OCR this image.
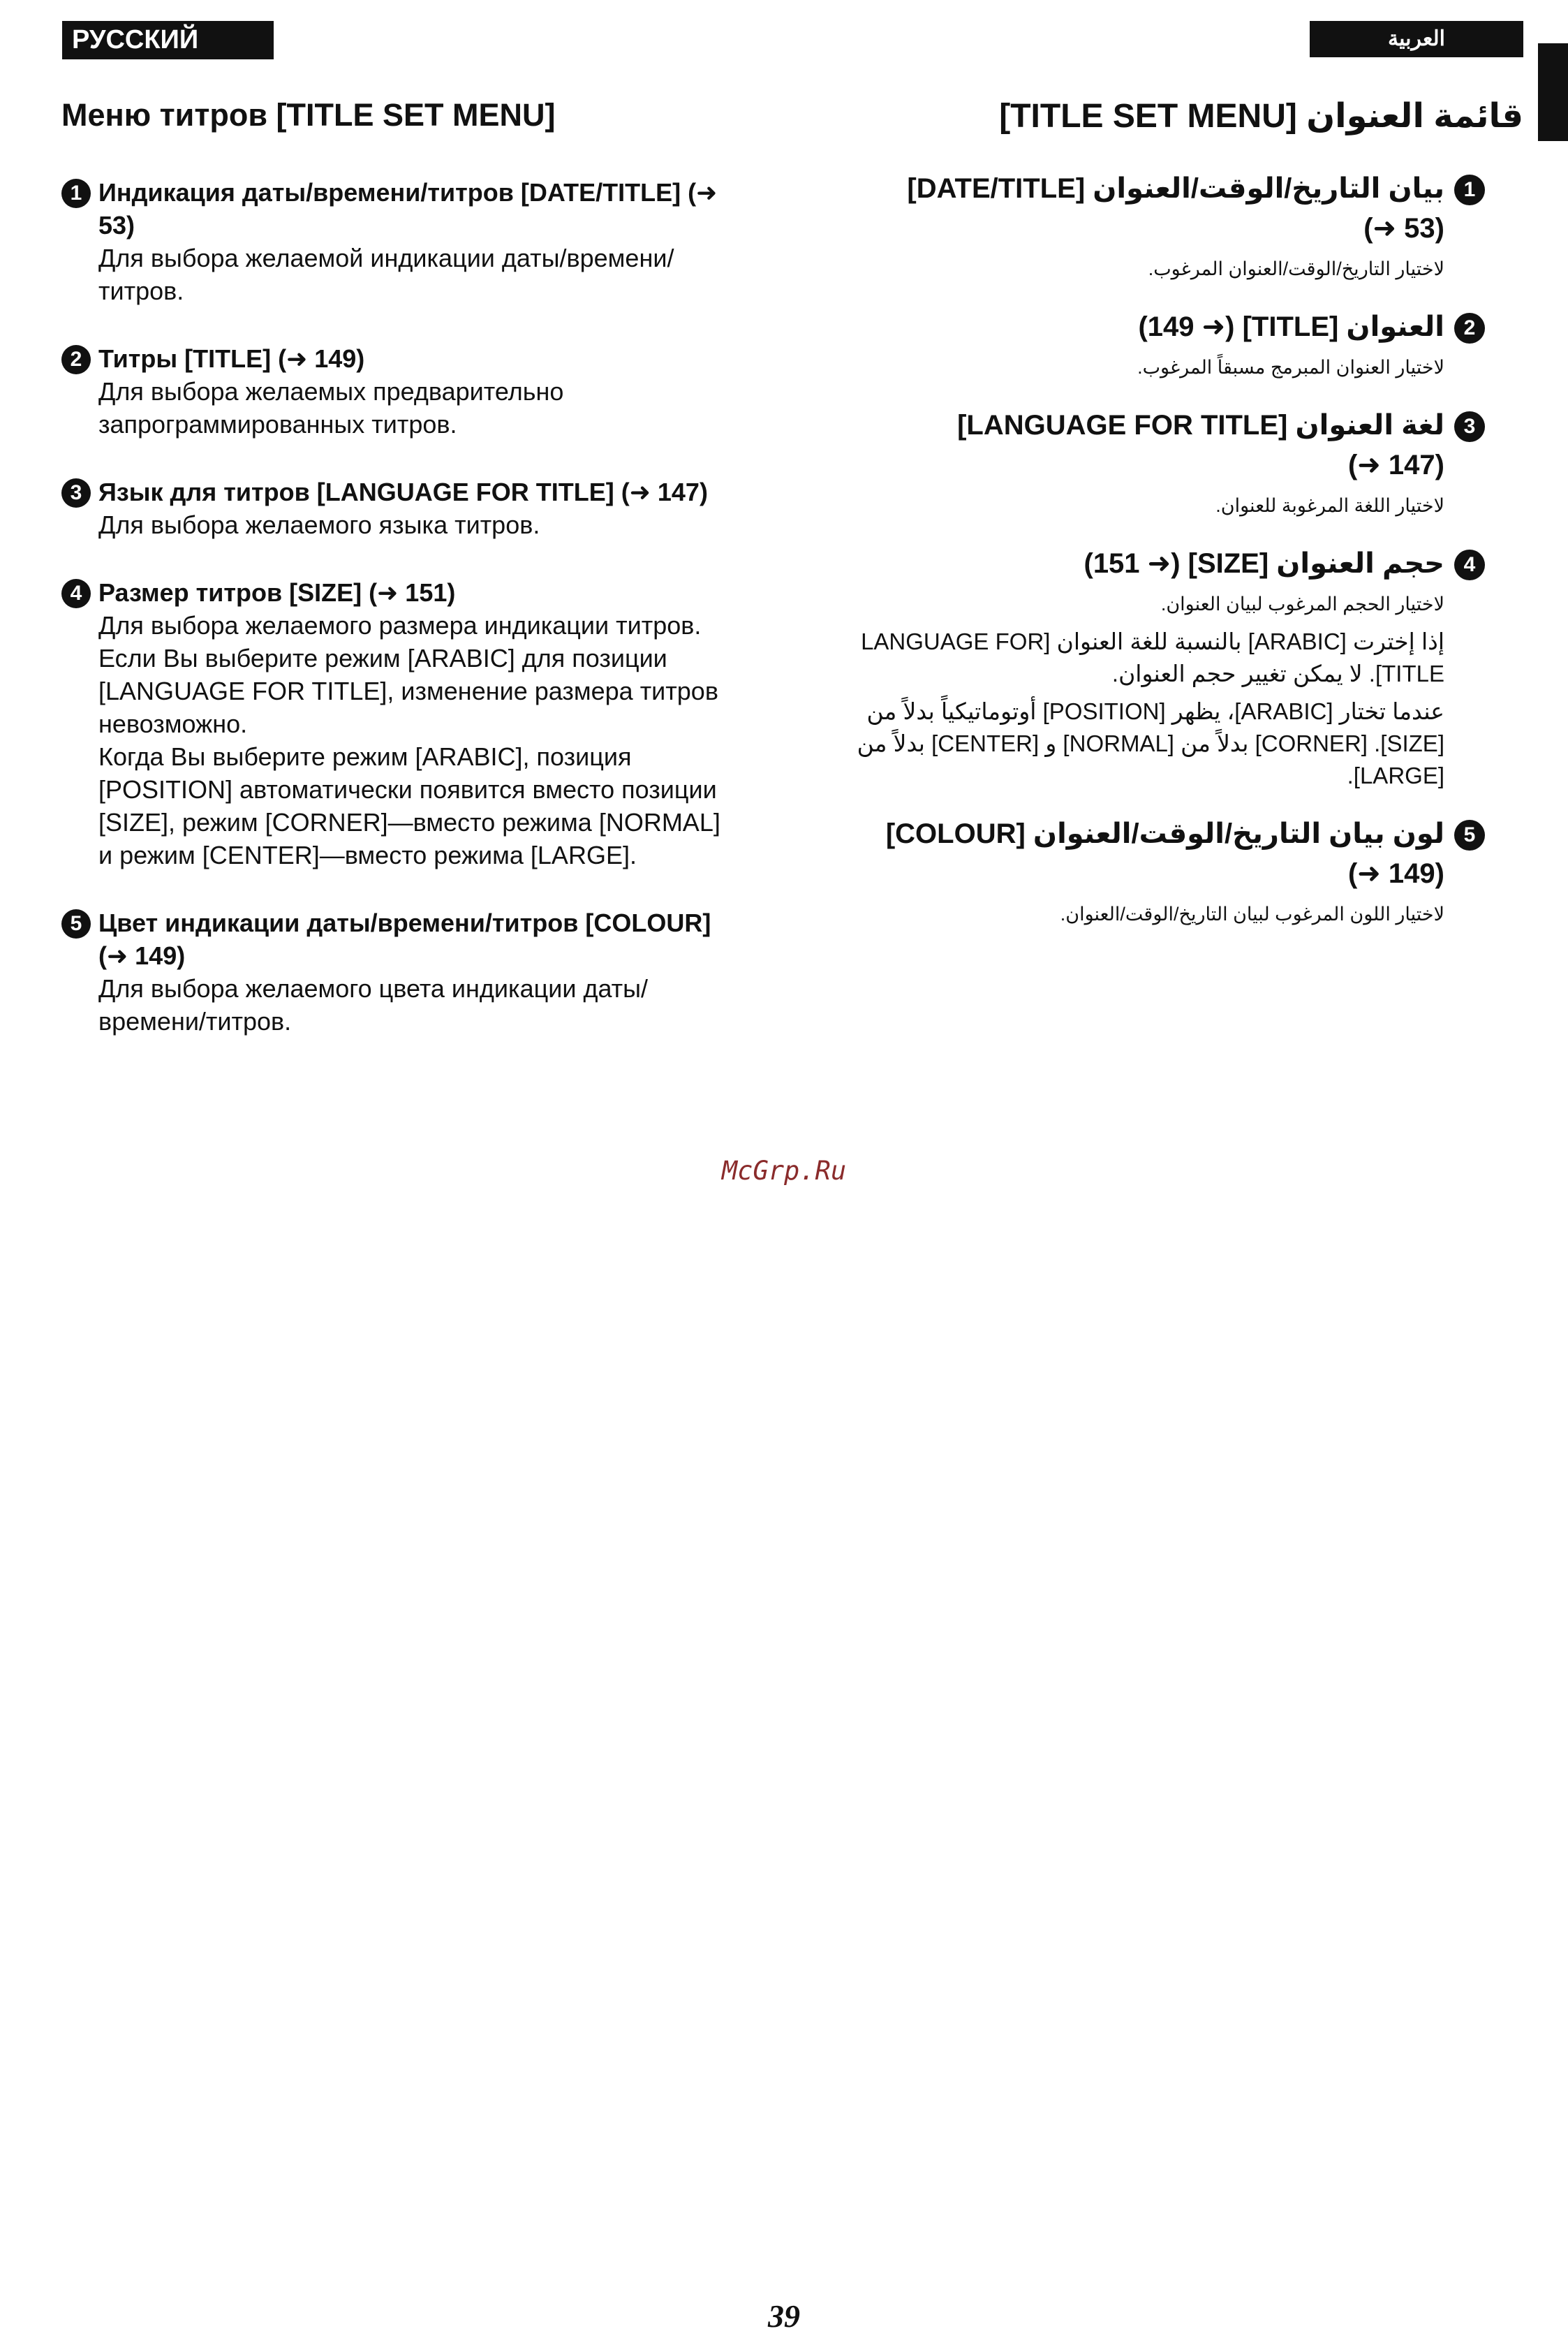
РУССКИЙ ЯЗЫК
العربية
Меню титров [TITLE SET MENU]
1 Индикация даты/времени/титров [DATE/TITLE] (➜ 53)
Для выбора желаемой индикации даты/времени/ титров.
2 Титры [TITLE] (➜ 149)
Для выбора желаемых предварительно запрограммированных титров.
3 Язык для титров [LANGUAGE FOR TITLE] (➜ 147)
Для выбора желаемого языка титров.
4 Размер титров [SIZE] (➜ 151)
Для выбора желаемого размера индикации титров.
Если Вы выберите режим [ARABIC] для позиции [LANGUAGE FOR TITLE], изменение размера титров невозможно.
Когда Вы выберите режим [ARABIC], позиция [POSITION] автоматически появится вместо позиции [SIZE], режим [CORNER]—вместо режима [NORMAL] и режим [CENTER]—вместо режима [LARGE].
5 Цвет индикации даты/времени/титров [COLOUR] (➜ 149)
Для выбора желаемого цвета индикации даты/ времени/титров.
قائمة العنوان [TITLE SET MENU]
1
بيان التاريخ/الوقت/العنوان [DATE/TITLE]
(➜ 53)
لاختيار التاريخ/الوقت/العنوان المرغوب.
2
العنوان [TITLE] (➜ 149)
لاختيار العنوان المبرمج مسبقاً المرغوب.
3
لغة العنوان [LANGUAGE FOR TITLE]
(➜ 147)
لاختيار اللغة المرغوبة للعنوان.
4
حجم العنوان [SIZE] (➜ 151)
لاختيار الحجم المرغوب لبيان العنوان.
إذا إخترت [ARABIC] بالنسبة للغة العنوان [LANGUAGE FOR TITLE]. لا يمكن تغيير حجم العنوان.
عندما تختار [ARABIC]، يظهر [POSITION] أوتوماتيكياً بدلاً من [SIZE]. [CORNER] بدلاً من [NORMAL] و [CENTER] بدلاً من [LARGE].
5
لون بيان التاريخ/الوقت/العنوان [COLOUR]
(➜ 149)
لاختيار اللون المرغوب لبيان التاريخ/الوقت/العنوان.
McGrp.Ru
39
